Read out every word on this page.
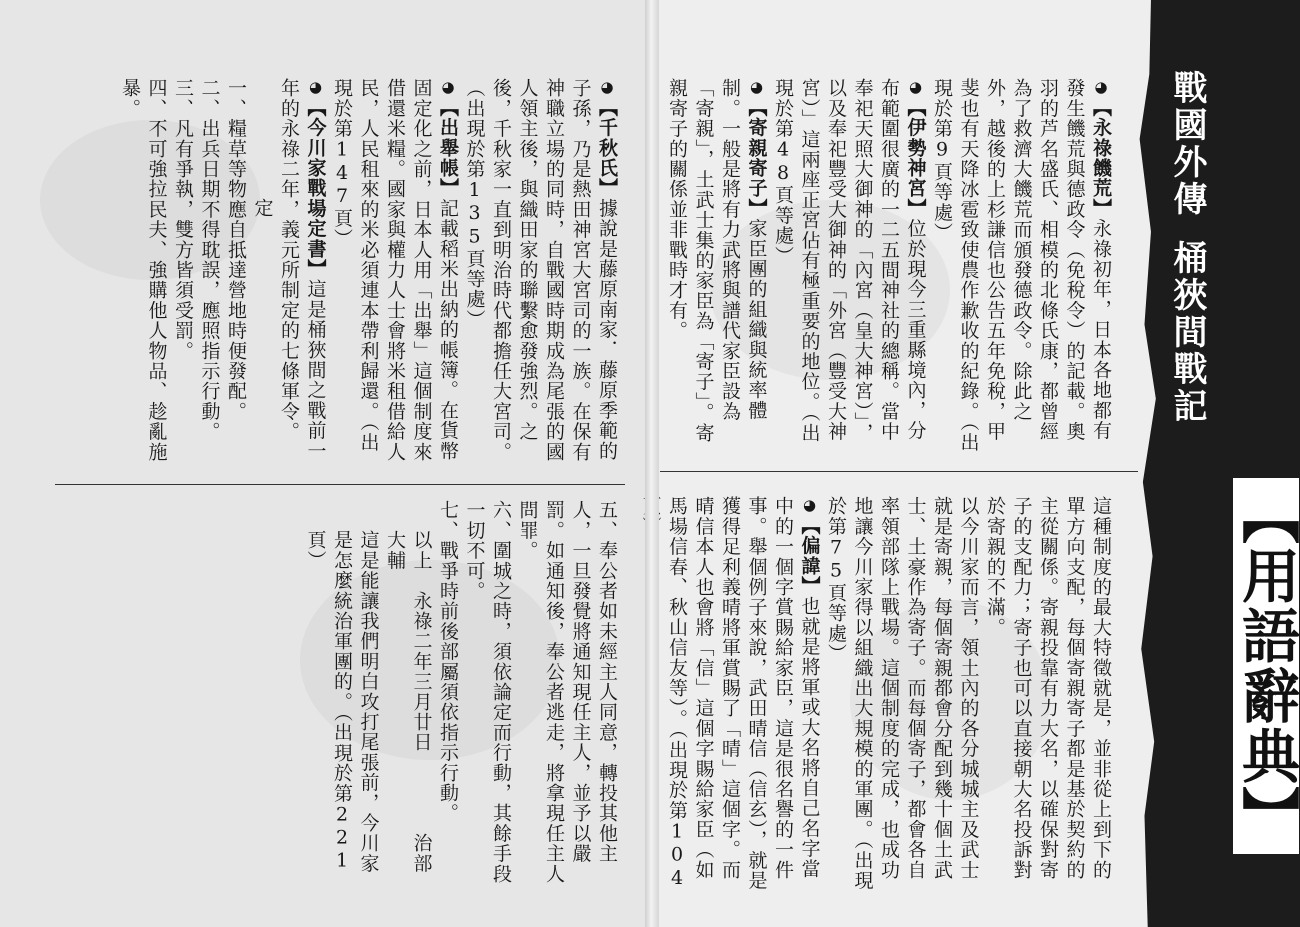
◕【千秋氏】據說是藤原南家．藤原季範的子孫，乃是熱田神宮大宮司的一族。在保有神職立場的同時，自戰國時期成為尾張的國人領主後，與織田家的聯繫愈發強烈。之後，千秋家一直到明治時代都擔任大宮司。（出現於第135頁等處）

◕【出舉帳】記載稻米出納的帳簿。在貨幣固定化之前，日本人用「出舉」這個制度來借還米糧。國家與權力人士會將米租借給人民，人民租來的米必須連本帶利歸還。（出現於第147頁）

◕【今川家戰場定書】這是桶狹間之戰前一年的永祿二年，義元所制定的七條軍令。

定

一、糧草等物應自抵達營地時便發配。

二、出兵日期不得耽誤，應照指示行動。

三、凡有爭執，雙方皆須受罰。

四、不可強拉民夫、強購他人物品、趁亂施暴。

五、奉公者如未經主人同意，轉投其他主人，一旦發覺將通知現任主人，並予以嚴罰。如通知後，奉公者逃走，將拿現任主人問罪。

六、圍城之時，須依論定而行動，其餘手段一切不可。

七、戰爭時前後部屬須依指示行動。

以上　永祿二年三月廿日　　　　治部大輔

這是能讓我們明白攻打尾張前，今川家是怎麼統治軍團的。（出現於第221頁）

◕【永祿饑荒】永祿初年，日本各地都有發生饑荒與德政令（免稅令）的記載。奧羽的芦名盛氏、相模的北條氏康，都曾經為了救濟大饑荒而頒發德政令。除此之外，越後的上杉謙信也公告五年免稅，甲斐也有天降冰雹致使農作歉收的紀錄。（出現於第9頁等處）

◕【伊勢神宮】位於現今三重縣境內，分布範圍很廣的一二五間神社的總稱。當中奉祀天照大御神的「內宮（皇大神宮）」，以及奉祀豐受大御神的「外宮（豐受大神宮）」這兩座正宮佔有極重要的地位。（出現於第48頁等處）

◕【寄親寄子】家臣團的組織與統率體制。一般是將有力武將與譜代家臣設為「寄親」，土武士集的家臣為「寄子」。寄親寄子的關係並非戰時才有。

這種制度的最大特徵就是，並非從上到下的單方向支配，每個寄親寄子都是基於契約的主從關係。寄親投靠有力大名，以確保對寄子的支配力；寄子也可以直接朝大名投訴對於寄親的不滿。

以今川家而言，領土內的各分城城主及武士就是寄親，每個寄親都會分配到幾十個土武士、土豪作為寄子。而每個寄子，都會各自率領部隊上戰場。這個制度的完成，也成功地讓今川家得以組織出大規模的軍團。（出現於第75頁等處）

◕【偏諱】也就是將軍或大名將自己名字當中的一個字賞賜給家臣，這是很名譽的一件事。舉個例子來說，武田晴信（信玄），就是獲得足利義晴將軍賞賜了「晴」這個字。而晴信本人也會將「信」這個字賜給家臣（如馬場信春、秋山信友等）。（出現於第104

戰國外傳桶狹間戰記
【用語辭典】
